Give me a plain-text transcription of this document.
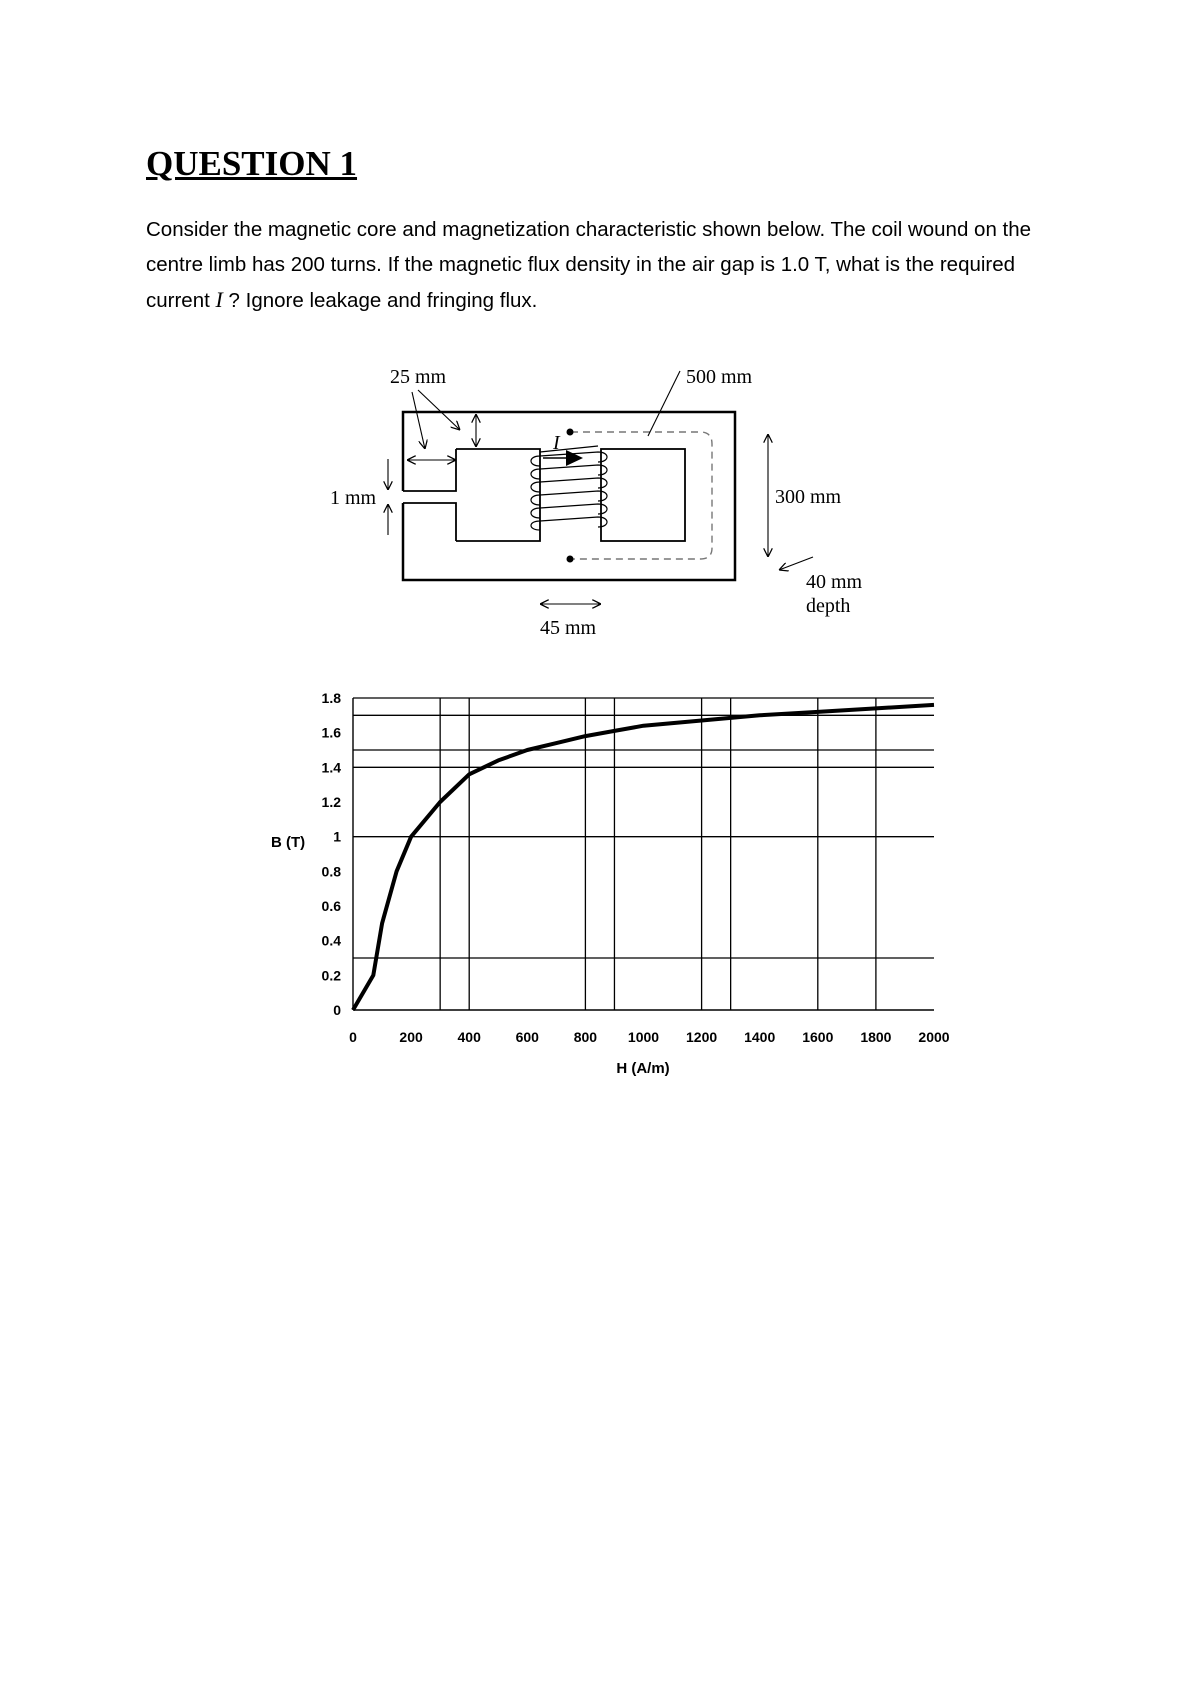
QUESTION 1

Consider the magnetic core and magnetization characteristic shown below. The coil wound on the centre limb has 200 turns. If the magnetic flux density in the air gap is 1.0 T, what is the required current I ? Ignore leakage and fringing flux.

I
25 mm	500 mm
1 mm	300 mm
40 mm
depth
45 mm
0
0.2
0.4
0.6
0.8
1
1.2
1.4
1.6
1.8
0	200 400 600 800 1000 1200 1400 1600 1800 2000
B (T)
H (A/m)
